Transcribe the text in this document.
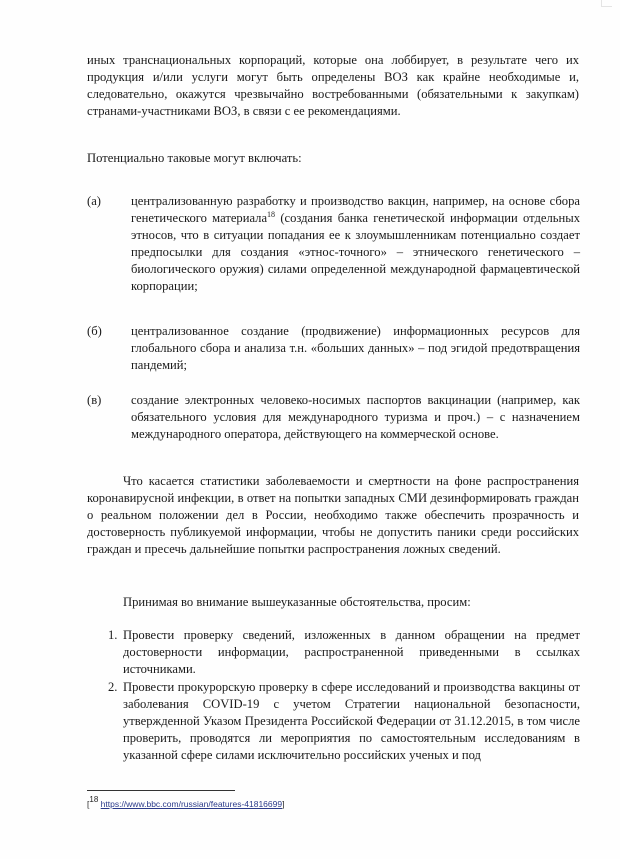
иных транснациональных корпораций, которые она лоббирует, в результате чего их продукция и/или услуги могут быть определены ВОЗ как крайне необходимые и, следовательно, окажутся чрезвычайно востребованными (обязательными к закупкам) странами-участниками ВОЗ, в связи с ее рекомендациями.

Потенциально таковые могут включать:

(а) централизованную разработку и производство вакцин, например, на основе сбора генетического материала$^{18}$ (создания банка генетической информации отдельных этносов, что в ситуации попадания ее к злоумышленникам потенциально создает предпосылки для создания «этнос-точного» – этнического генетического – биологического оружия) силами определенной международной фармацевтической корпорации;

(б) централизованное создание (продвижение) информационных ресурсов для глобального сбора и анализа т.н. «больших данных» – под эгидой предотвращения пандемий;

(в) создание электронных человеко-носимых паспортов вакцинации (например, как обязательного условия для международного туризма и проч.) – с назначением международного оператора, действующего на коммерческой основе.

Что касается статистики заболеваемости и смертности на фоне распространения коронавирусной инфекции, в ответ на попытки западных СМИ дезинформировать граждан о реальном положении дел в России, необходимо также обеспечить прозрачность и достоверность публикуемой информации, чтобы не допустить паники среди российских граждан и пресечь дальнейшие попытки распространения ложных сведений.

Принимая во внимание вышеуказанные обстоятельства, просим:

1. Провести проверку сведений, изложенных в данном обращении на предмет достоверности информации, распространенной приведенными в ссылках источниками.

2. Провести прокурорскую проверку в сфере исследований и производства вакцины от заболевания COVID-19 с учетом Стратегии национальной безопасности, утвержденной Указом Президента Российской Федерации от 31.12.2015, в том числе проверить, проводятся ли мероприятия по самостоятельным исследованиям в указанной сфере силами исключительно российских ученых и под

[$^{18}$ https://www.bbc.com/russian/features-41816699]
